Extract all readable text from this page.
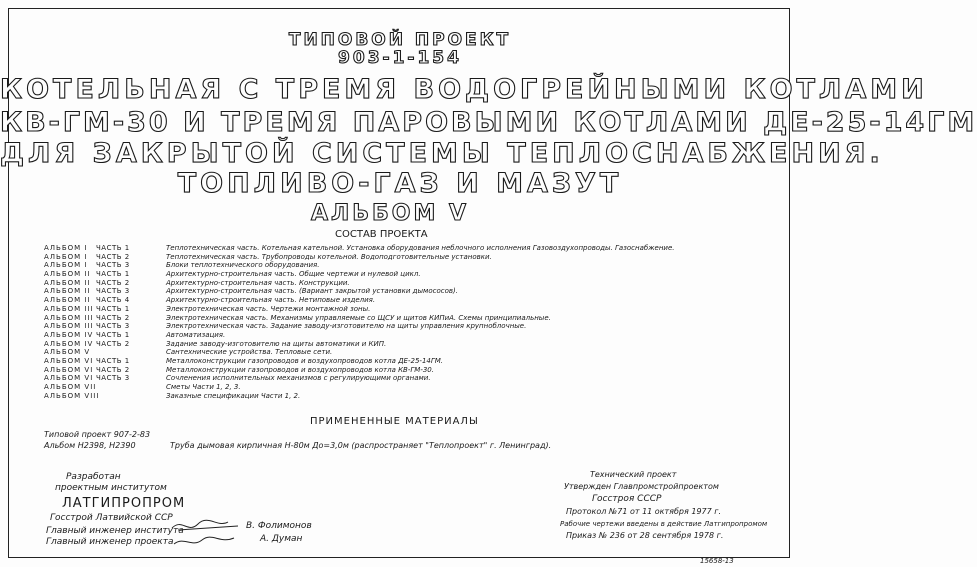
ТИПОВОЙ ПРОЕКТ
903-1-154
КОТЕЛЬНАЯ С ТРЕМЯ ВОДОГРЕЙНЫМИ КОТЛАМИ
КВ-ГМ-30 И ТРЕМЯ ПАРОВЫМИ КОТЛАМИ ДЕ-25-14ГМ
ДЛЯ ЗАКРЫТОЙ СИСТЕМЫ ТЕПЛОСНАБЖЕНИЯ.
ТОПЛИВО-ГАЗ И МАЗУТ
АЛЬБОМ V
СОСТАВ ПРОЕКТА
АЛЬБОМ I	ЧАСТЬ 1	Теплотехническая часть. Котельная кательной. Установка оборудования неблочного исполнения Газовоздухопроводы. Газоснабжение.
АЛЬБОМ I	ЧАСТЬ 2	Теплотехническая часть. Трубопроводы котельной. Водоподготовительные установки.
АЛЬБОМ I	ЧАСТЬ 3	Блоки теплотехнического оборудования.
АЛЬБОМ II ЧАСТЬ 1	Архитектурно-строительная часть. Общие чертежи и нулевой цикл.
АЛЬБОМ II ЧАСТЬ 2	Архитектурно-строительная часть. Конструкции.
АЛЬБОМ II ЧАСТЬ 3	Архитектурно-строительная часть. (Вариант закрытой установки дымососов).
АЛЬБОМ II ЧАСТЬ 4	Архитектурно-строительная часть. Нетиповые изделия.
АЛЬБОМ III ЧАСТЬ 1	Электротехническая часть. Чертежи монтажной зоны.
АЛЬБОМ III ЧАСТЬ 2	Электротехническая часть. Механизмы управляемые со ЩСУ и щитов КИПиА. Схемы принципиальные.
АЛЬБОМ III ЧАСТЬ 3	Электротехническая часть. Задание заводу-изготовителю на щиты управления крупноблочные.
АЛЬБОМ IV ЧАСТЬ 1	Автоматизация.
АЛЬБОМ IV ЧАСТЬ 2	Задание заводу-изготовителю на щиты автоматики и КИП.
АЛЬБОМ V	Сантехнические устройства. Тепловые сети.
АЛЬБОМ VI ЧАСТЬ 1	Металлоконструкции газопроводов и воздухопроводов котла ДЕ-25-14ГМ.
АЛЬБОМ VI ЧАСТЬ 2	Металлоконструкции газопроводов и воздухопроводов котла КВ-ГМ-30.
АЛЬБОМ VI ЧАСТЬ 3	Сочленения исполнительных механизмов с регулирующими органами.
АЛЬБОМ VII	Сметы Части 1, 2, 3.
АЛЬБОМ VIII	Заказные спецификации Части 1, 2.
ПРИМЕНЕННЫЕ МАТЕРИАЛЫ
Типовой проект 907-2-83
Альбом Н2398, Н2390	Труба дымовая кирпичная Н-80м До=3,0м (распространяет "Теплопроект" г. Ленинград).
Разработан
проектным институтом
ЛАТГИПРОПРОМ
Госстрой Латвийской ССР
Главный инженер института
Главный инженер проекта
В. Фолимонов
А. Думан
Технический проект
Утвержден Главпромстройпроектом
Госстроя СССР
Протокол №71 от 11 октября 1977 г.
Рабочие чертежи введены в действие Латгипропромом
Приказ № 236 от 28 сентября 1978 г.
15658-13
